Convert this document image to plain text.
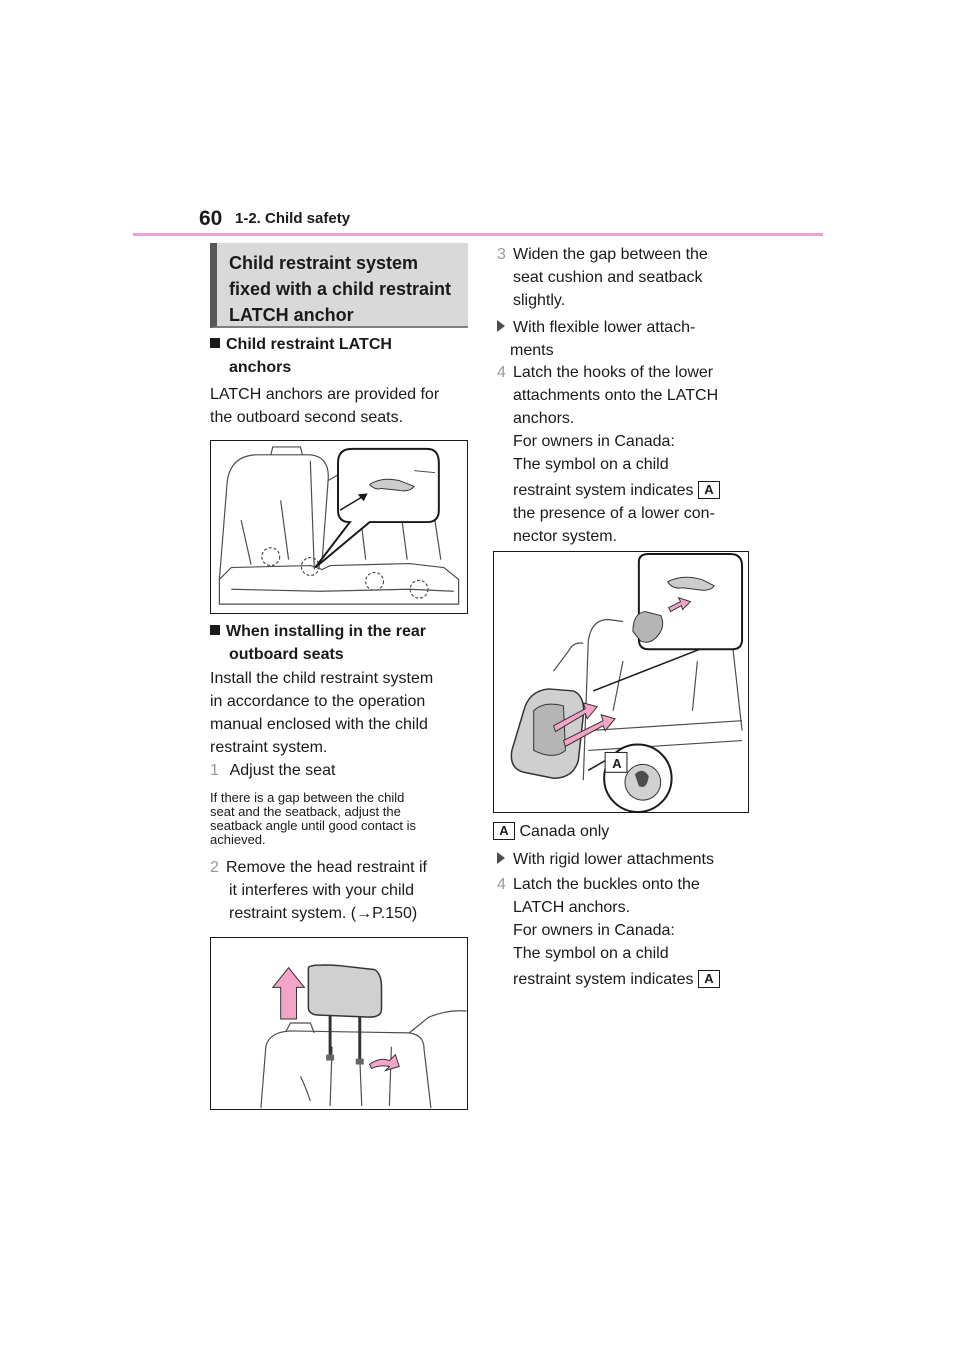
60 1-2. Child safety
Child restraint system
fixed with a child restraint
LATCH anchor
Child restraint LATCH
anchors
LATCH anchors are provided for
the outboard second seats.
When installing in the rear
outboard seats
Install the child restraint system
in accordance to the operation
manual enclosed with the child
restraint system.
1 Adjust the seat
If there is a gap between the child
seat and the seatback, adjust the
seatback angle until good contact is
achieved.
2 Remove the head restraint if
it interferes with your child
restraint system. (→P.150)
3 Widen the gap between the
seat cushion and seatback
slightly.
With flexible lower attach-
ments
4 Latch the hooks of the lower
attachments onto the LATCH
anchors.
For owners in Canada:
The symbol on a child
restraint system indicates A
the presence of a lower con-
nector system.
A
A Canada only
With rigid lower attachments
4 Latch the buckles onto the
LATCH anchors.
For owners in Canada:
The symbol on a child
restraint system indicates A
